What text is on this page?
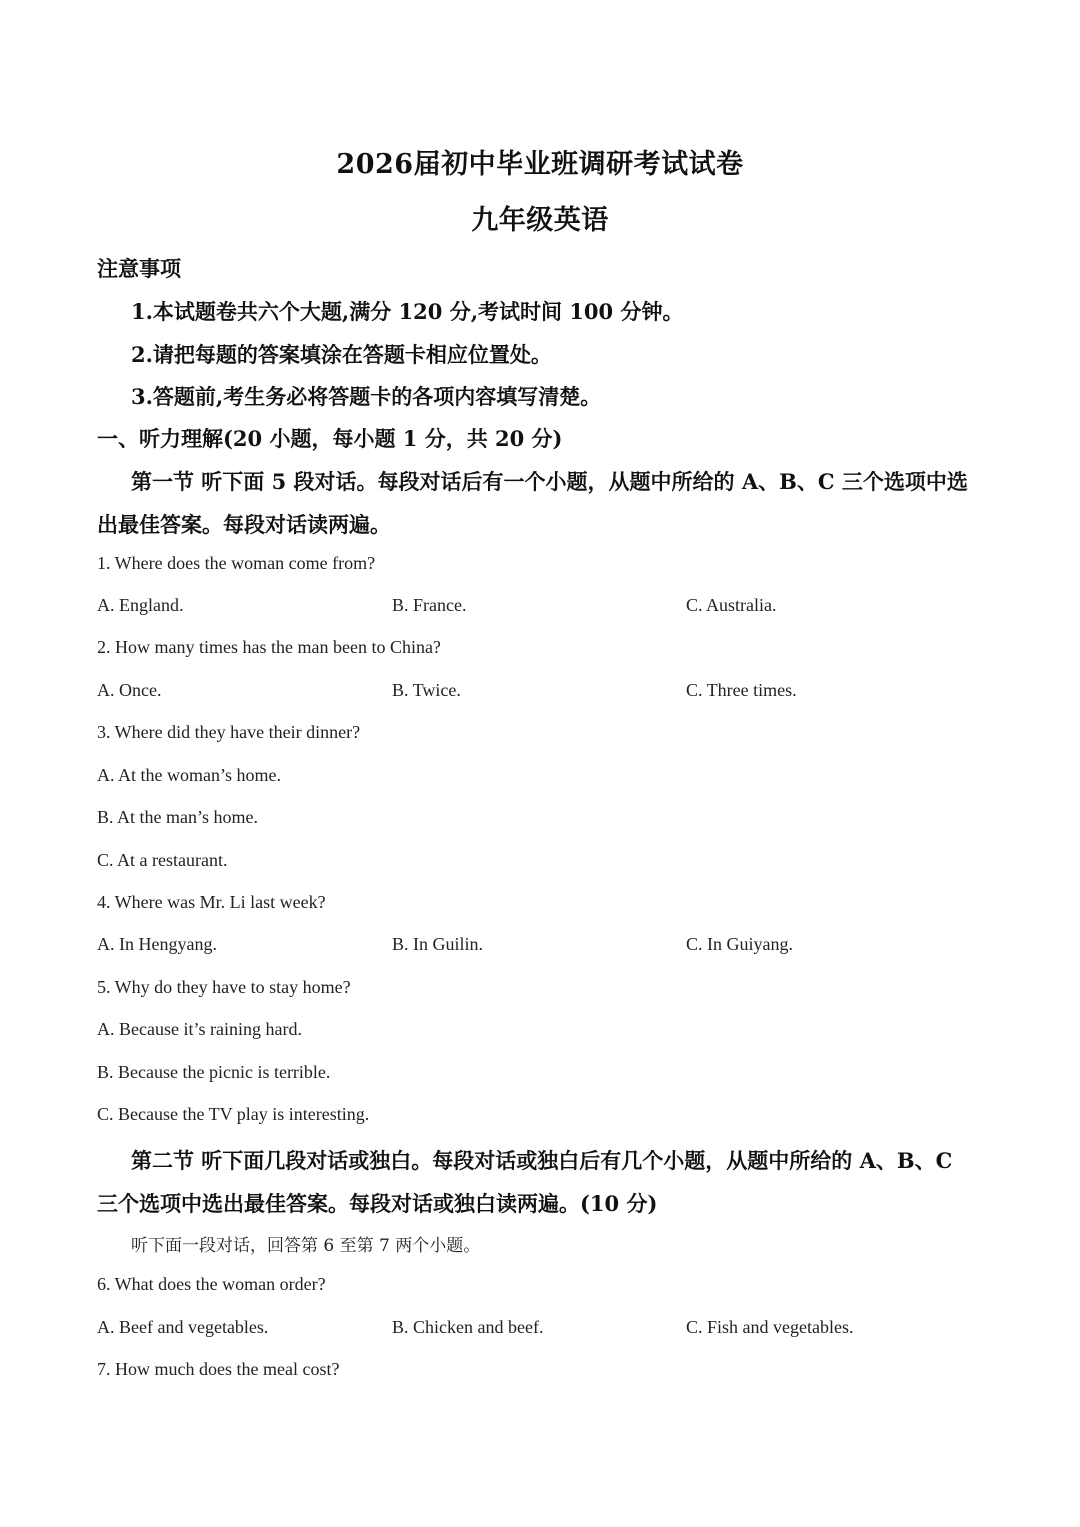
2026届初中毕业班调研考试试卷
九年级英语
注意事项
1.本试题卷共六个大题,满分 120 分,考试时间 100 分钟。
2.请把每题的答案填涂在答题卡相应位置处。
3.答题前,考生务必将答题卡的各项内容填写清楚。
一、听力理解(20 小题，每小题 1 分，共 20 分)
第一节 听下面 5 段对话。每段对话后有一个小题，从题中所给的 A、B、C 三个选项中选
出最佳答案。每段对话读两遍。
1. Where does the woman come from?
A. England.	B. France.	C. Australia.
2. How many times has the man been to China?
A. Once.	B. Twice.	C. Three times.
3. Where did they have their dinner?
A. At the woman’s home.
B. At the man’s home.
C. At a restaurant.
4. Where was Mr. Li last week?
A. In Hengyang.	B. In Guilin.	C. In Guiyang.
5. Why do they have to stay home?
A. Because it’s raining hard.
B. Because the picnic is terrible.
C. Because the TV play is interesting.
第二节 听下面几段对话或独白。每段对话或独白后有几个小题，从题中所给的 A、B、C
三个选项中选出最佳答案。每段对话或独白读两遍。(10 分)
听下面一段对话，回答第 6 至第 7 两个小题。
6. What does the woman order?
A. Beef and vegetables.	B. Chicken and beef.	C. Fish and vegetables.
7. How much does the meal cost?
